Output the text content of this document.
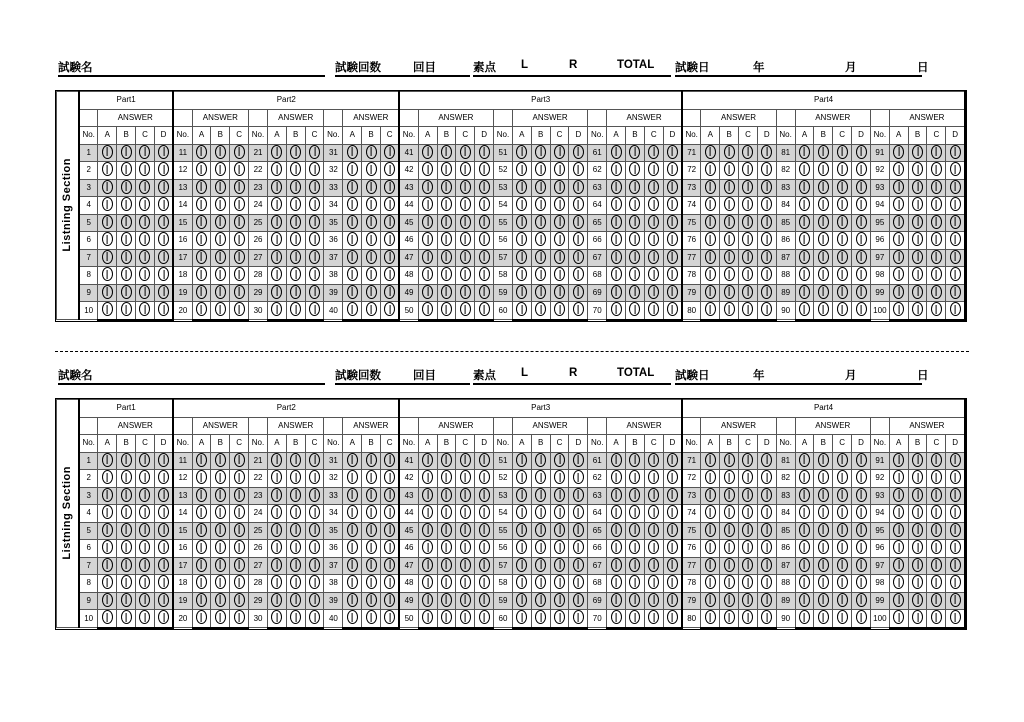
試験名	試験回数	回目	素点 L	R	TOTAL 試験日	年	月	日
Listning Section	Part1					Part2												Part3															Part4														
		ANSWER					ANSWER				ANSWER				ANSWER				ANSWER					ANSWER					ANSWER					ANSWER					ANSWER					ANSWER			
	No.	A	B	C	D	No.	A	B	C	No.	A	B	C	No.	A	B	C	No.	A	B	C	D	No.	A	B	C	D	No.	A	B	C	D	No.	A	B	C	D	No.	A	B	C	D	No.	A	B	C	D
	1					11				21				31				41					51					61					71					81					91				
	2					12				22				32				42					52					62					72					82					92				
	3					13				23				33				43					53					63					73					83					93				
	4					14				24				34				44					54					64					74					84					94				
	5					15				25				35				45					55					65					75					85					95				
	6					16				26				36				46					56					66					76					86					96				
	7					17				27				37				47					57					67					77					87					97				
	8					18				28				38				48					58					68					78					88					98				
	9					19				29				39				49					59					69					79					89					99				
	10					20				30				40				50					60					70					80					90					100				
試験名	試験回数	回目	素点 L	R	TOTAL 試験日	年	月	日
Listning Section	Part1					Part2												Part3															Part4														
		ANSWER					ANSWER				ANSWER				ANSWER				ANSWER					ANSWER					ANSWER					ANSWER					ANSWER					ANSWER			
	No.	A	B	C	D	No.	A	B	C	No.	A	B	C	No.	A	B	C	No.	A	B	C	D	No.	A	B	C	D	No.	A	B	C	D	No.	A	B	C	D	No.	A	B	C	D	No.	A	B	C	D
	1					11				21				31				41					51					61					71					81					91				
	2					12				22				32				42					52					62					72					82					92				
	3					13				23				33				43					53					63					73					83					93				
	4					14				24				34				44					54					64					74					84					94				
	5					15				25				35				45					55					65					75					85					95				
	6					16				26				36				46					56					66					76					86					96				
	7					17				27				37				47					57					67					77					87					97				
	8					18				28				38				48					58					68					78					88					98				
	9					19				29				39				49					59					69					79					89					99				
	10					20				30				40				50					60					70					80					90					100				
